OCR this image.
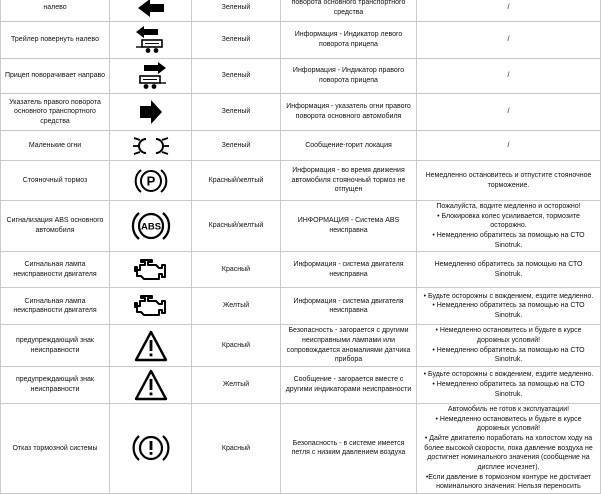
налево		Зеленый	поворота основного транспортного средства	/
Трейлер повернуть налево		Зеленый	Информация - Индикатор левого поворота прицепа	/
Прицеп поворачивает направо		Зеленый	Информация - Индикатор правого поворота прицепа	/
Указатель правого поворота основного транспортного средства		Зеленый	Информация - указатель огни правого поворота основного автомобиля	/
Маленькие огни		Зеленый	Сообщение-горит локация	/
Стояночный тормоз	P	Красный/желтый	Информация - во время движения автомобиля стояночный тормоз не отпущен	Немедленно остановитесь и отпустите стояночное торможение.
Сигнализация ABS основного автомобиля	ABS	Красный/желтый	ИНФОРМАЦИЯ - Система ABS неисправна	Пожалуйста, водите медленно и осторожно!
• Блокировка колес усиливается, тормозите осторожно.
• Немедленно обратитесь за помощью на СТО Sinotruk.

Сигнальная лампа неисправности двигателя		Красный	Информация - система двигателя неисправна	Немедленно обратитесь за помощью на СТО Sinotruk.
Сигнальная лампа неисправности двигателя		Желтый	Информация - система двигателя неисправна	• Будьте осторожны с вождением, ездите медленно.
• Немедленно обратитесь за помощью на СТО Sinotruk.

предупреждающий знак неисправности		Красный	Безопасность - загорается с другими неисправными лампами или сопровождается аномалиями датчика прибора	• Немедленно остановитесь и будьте в курсе дорожных условий!
• Немедленно обратитесь за помощью на СТО Sinotruk.

предупреждающий знак неисправности		Желтый	Сообщение - загорается вместе с другими индикаторами неисправности	• Будьте осторожны с вождением, ездите медленно.
• Немедленно обратитесь за помощью на СТО Sinotruk.

Отказ тормозной системы		Красный	Безопасность - в системе имеется петля с низким давлением воздуха	Автомобиль не готов к эксплуатации!
• Немедленно остановитесь и будьте в курсе дорожных условий!
• Дайте двигателю поработать на холостом ходу на более высокой скорости, пока давление воздуха не достигнет номинального значения (сообщение на дисплее исчезнет).
•Если давление в тормозном контуре не достигает номинального значения: Нельзя переносить
